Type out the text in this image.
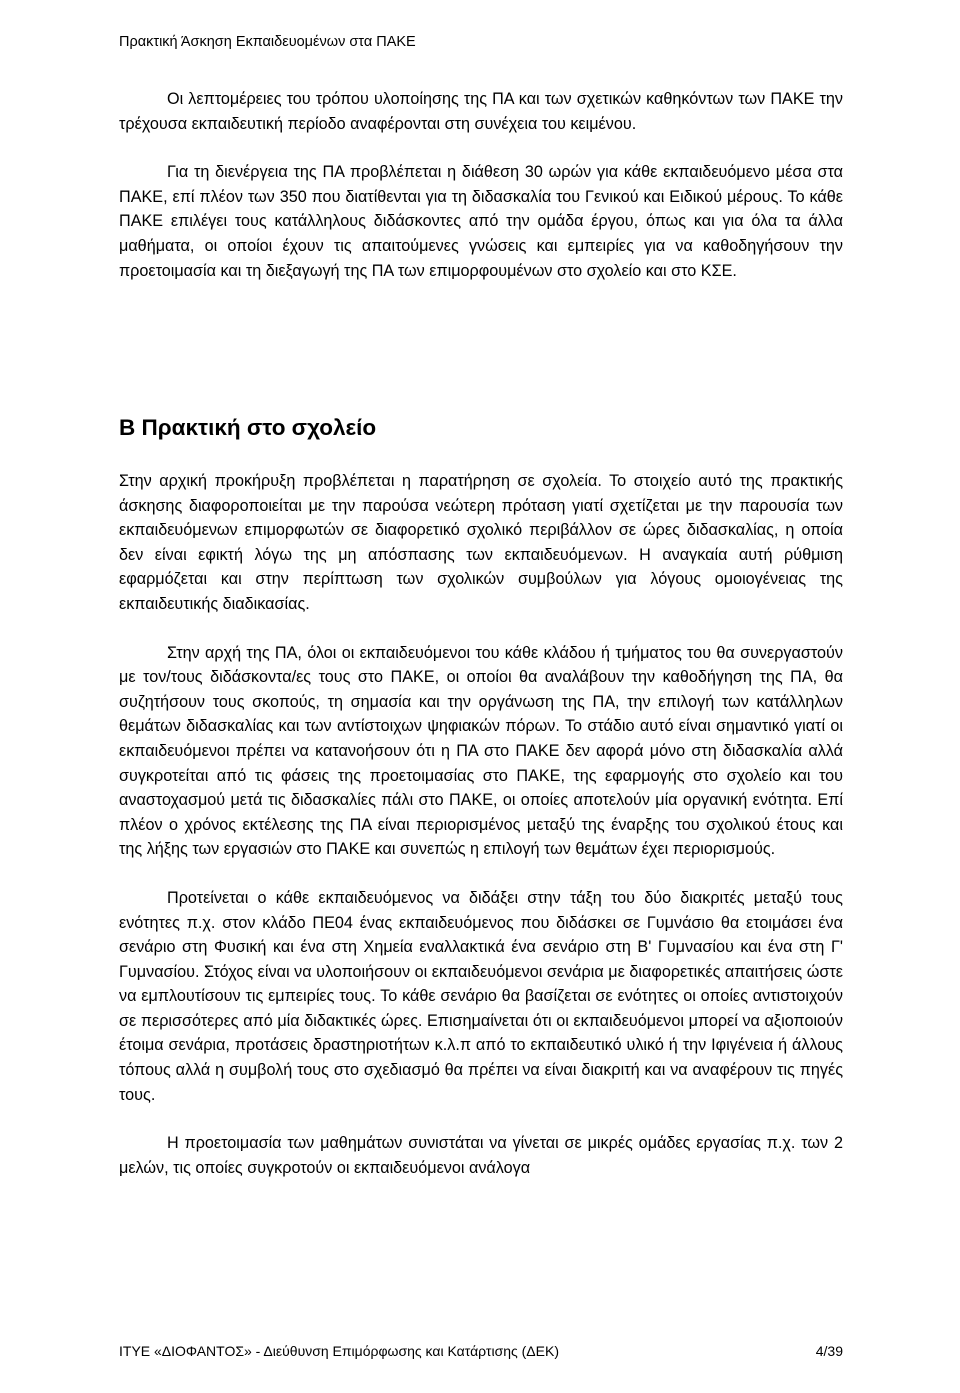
Πρακτική Άσκηση Εκπαιδευομένων στα ΠΑΚΕ

Οι λεπτομέρειες του τρόπου υλοποίησης της ΠΑ και των σχετικών καθηκόντων των ΠΑΚΕ την τρέχουσα εκπαιδευτική περίοδο αναφέρονται στη συνέχεια του κειμένου.

Για τη διενέργεια της ΠΑ προβλέπεται η διάθεση 30 ωρών για κάθε εκπαιδευόμενο μέσα στα ΠΑΚΕ, επί πλέον των 350 που διατίθενται για τη διδασκαλία του Γενικού και Ειδικού μέρους. Το κάθε ΠΑΚΕ επιλέγει τους κατάλληλους διδάσκοντες από την ομάδα έργου, όπως και για όλα τα άλλα μαθήματα, οι οποίοι έχουν τις απαιτούμενες γνώσεις και εμπειρίες για να καθοδηγήσουν την προετοιμασία και τη διεξαγωγή της ΠΑ των επιμορφουμένων στο σχολείο και στο ΚΣΕ.

Β Πρακτική στο σχολείο

Στην αρχική προκήρυξη προβλέπεται η παρατήρηση σε σχολεία. Το στοιχείο αυτό της πρακτικής άσκησης διαφοροποιείται με την παρούσα νεώτερη πρόταση γιατί σχετίζεται με την παρουσία των εκπαιδευόμενων επιμορφωτών σε διαφορετικό σχολικό περιβάλλον σε ώρες διδασκαλίας, η οποία δεν είναι εφικτή λόγω της μη απόσπασης των εκπαιδευόμενων. Η αναγκαία αυτή ρύθμιση εφαρμόζεται και στην περίπτωση των σχολικών συμβούλων για λόγους ομοιογένειας της εκπαιδευτικής διαδικασίας.

Στην αρχή της ΠΑ, όλοι οι εκπαιδευόμενοι του κάθε κλάδου ή τμήματος του θα συνεργαστούν με τον/τους διδάσκοντα/ες τους στο ΠΑΚΕ, οι οποίοι θα αναλάβουν την καθοδήγηση της ΠΑ, θα συζητήσουν τους σκοπούς, τη σημασία και την οργάνωση της ΠΑ, την επιλογή των κατάλληλων θεμάτων διδασκαλίας και των αντίστοιχων ψηφιακών πόρων. Το στάδιο αυτό είναι σημαντικό γιατί οι εκπαιδευόμενοι πρέπει να κατανοήσουν ότι η ΠΑ στο ΠΑΚΕ δεν αφορά μόνο στη διδασκαλία αλλά συγκροτείται από τις φάσεις της προετοιμασίας στο ΠΑΚΕ, της εφαρμογής στο σχολείο και του αναστοχασμού μετά τις διδασκαλίες πάλι στο ΠΑΚΕ, οι οποίες αποτελούν μία οργανική ενότητα. Επί πλέον ο χρόνος εκτέλεσης της ΠΑ είναι περιορισμένος μεταξύ της έναρξης του σχολικού έτους και της λήξης των εργασιών στο ΠΑΚΕ και συνεπώς η επιλογή των θεμάτων έχει περιορισμούς.

Προτείνεται ο κάθε εκπαιδευόμενος να διδάξει στην τάξη του δύο διακριτές μεταξύ τους ενότητες π.χ. στον κλάδο ΠΕ04 ένας εκπαιδευόμενος που διδάσκει σε Γυμνάσιο θα ετοιμάσει ένα σενάριο στη Φυσική και ένα στη Χημεία εναλλακτικά ένα σενάριο στη Β' Γυμνασίου και ένα στη Γ' Γυμνασίου. Στόχος είναι να υλοποιήσουν οι εκπαιδευόμενοι σενάρια με διαφορετικές απαιτήσεις ώστε να εμπλουτίσουν τις εμπειρίες τους. Το κάθε σενάριο θα βασίζεται σε ενότητες οι οποίες αντιστοιχούν σε περισσότερες από μία διδακτικές ώρες. Επισημαίνεται ότι οι εκπαιδευόμενοι μπορεί να αξιοποιούν έτοιμα σενάρια, προτάσεις δραστηριοτήτων κ.λ.π από το εκπαιδευτικό υλικό ή την Ιφιγένεια ή άλλους τόπους αλλά η συμβολή τους στο σχεδιασμό θα πρέπει να είναι διακριτή και να αναφέρουν τις πηγές τους.

Η προετοιμασία των μαθημάτων συνιστάται να γίνεται σε μικρές ομάδες εργασίας π.χ. των 2 μελών, τις οποίες συγκροτούν οι εκπαιδευόμενοι ανάλογα

ΙΤΥΕ «ΔΙΟΦΑΝΤΟΣ» - Διεύθυνση Επιμόρφωσης και Κατάρτισης (ΔΕΚ)	4/39
